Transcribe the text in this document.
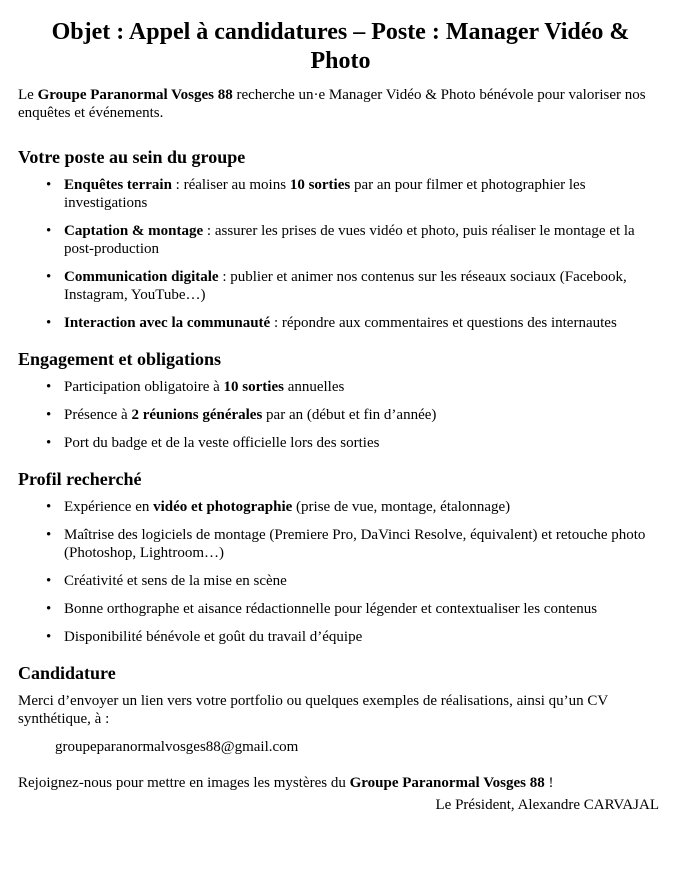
Objet : Appel à candidatures – Poste : Manager Vidéo & Photo

Le Groupe Paranormal Vosges 88 recherche un·e Manager Vidéo & Photo bénévole pour valoriser nos enquêtes et événements.

Votre poste au sein du groupe
• Enquêtes terrain : réaliser au moins 10 sorties par an pour filmer et photographier les investigations
• Captation & montage : assurer les prises de vues vidéo et photo, puis réaliser le montage et la post-production
• Communication digitale : publier et animer nos contenus sur les réseaux sociaux (Facebook, Instagram, YouTube…)
• Interaction avec la communauté : répondre aux commentaires et questions des internautes
Engagement et obligations
• Participation obligatoire à 10 sorties annuelles
• Présence à 2 réunions générales par an (début et fin d’année)
• Port du badge et de la veste officielle lors des sorties
Profil recherché
• Expérience en vidéo et photographie (prise de vue, montage, étalonnage)
• Maîtrise des logiciels de montage (Premiere Pro, DaVinci Resolve, équivalent) et retouche photo (Photoshop, Lightroom…)
• Créativité et sens de la mise en scène
• Bonne orthographe et aisance rédactionnelle pour légender et contextualiser les contenus
• Disponibilité bénévole et goût du travail d’équipe
Candidature

Merci d’envoyer un lien vers votre portfolio ou quelques exemples de réalisations, ainsi qu’un CV synthétique, à :

groupeparanormalvosges88@gmail.com

Rejoignez-nous pour mettre en images les mystères du Groupe Paranormal Vosges 88 !

Le Président, Alexandre CARVAJAL
